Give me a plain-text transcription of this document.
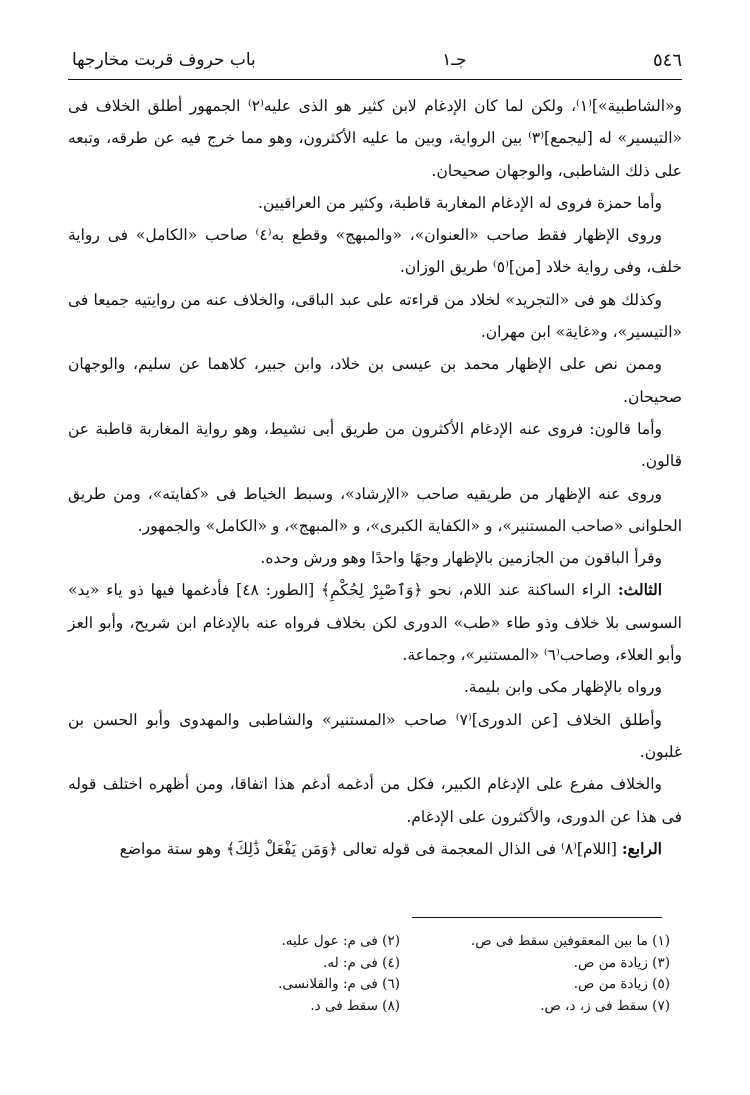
٥٤٦
جـ١
باب حروف قربت مخارجها

و«الشاطبية»]⁽١⁾، ولكن لما كان الإدغام لابن كثير هو الذى عليه⁽٢⁾ الجمهور أطلق الخلاف فى «التيسير» له [ليجمع]⁽٣⁾ بين الرواية، وبين ما عليه الأكثرون، وهو مما خرج فيه عن طرقه، وتبعه على ذلك الشاطبى، والوجهان صحيحان.

وأما حمزة فروى له الإدغام المغاربة قاطبة، وكثير من العراقيين.

وروى الإظهار فقط صاحب «العنوان»، «والمبهج» وقطع به⁽٤⁾ صاحب «الكامل» فى رواية خلف، وفى رواية خلاد [من]⁽٥⁾ طريق الوزان.

وكذلك هو فى «التجريد» لخلاد من قراءته على عبد الباقى، والخلاف عنه من روايتيه جميعا فى «التيسير»، و«غاية» ابن مهران.

وممن نص على الإظهار محمد بن عيسى بن خلاد، وابن جبير، كلاهما عن سليم، والوجهان صحيحان.

وأما قالون: فروى عنه الإدغام الأكثرون من طريق أبى نشيط، وهو رواية المغاربة قاطبة عن قالون.

وروى عنه الإظهار من طريقيه صاحب «الإرشاد»، وسبط الخياط فى «كفايته»، ومن طريق الحلوانى «صاحب المستنير»، و «الكفاية الكبرى»، و «المبهج»، و «الكامل» والجمهور.

وقرأ الباقون من الجازمين بالإظهار وجهًا واحدًا وهو ورش وحده.

الثالث: الراء الساكنة عند اللام، نحو ﴿وَٱصْبِرْ لِحُكْمِ﴾ [الطور: ٤٨] فأدغمها فيها ذو ياء «يد» السوسى بلا خلاف وذو طاء «طب» الدورى لكن بخلاف فرواه عنه بالإدغام ابن شريح، وأبو العز وأبو العلاء، وصاحب⁽٦⁾ «المستنير»، وجماعة.

ورواه بالإظهار مكى وابن بليمة.

وأطلق الخلاف [عن الدورى]⁽٧⁾ صاحب «المستنير» والشاطبى والمهدوى وأبو الحسن بن غلبون.

والخلاف مفرع على الإدغام الكبير، فكل من أدغمه أدغم هذا اتفاقا، ومن أظهره اختلف قوله فى هذا عن الدورى، والأكثرون على الإدغام.

الرابع: [اللام]⁽٨⁾ فى الذال المعجمة فى قوله تعالى ﴿وَمَن يَفْعَلْ ذَٰلِكَ﴾ وهو ستة مواضع

(١) ما بين المعقوفين سقط فى ص.
(٣) زيادة من ص.
(٥) زيادة من ص.
(٧) سقط فى ز، د، ص.
(٢) فى م: عول عليه.
(٤) فى م: له.
(٦) فى م: والقلانسى.
(٨) سقط فى د.
